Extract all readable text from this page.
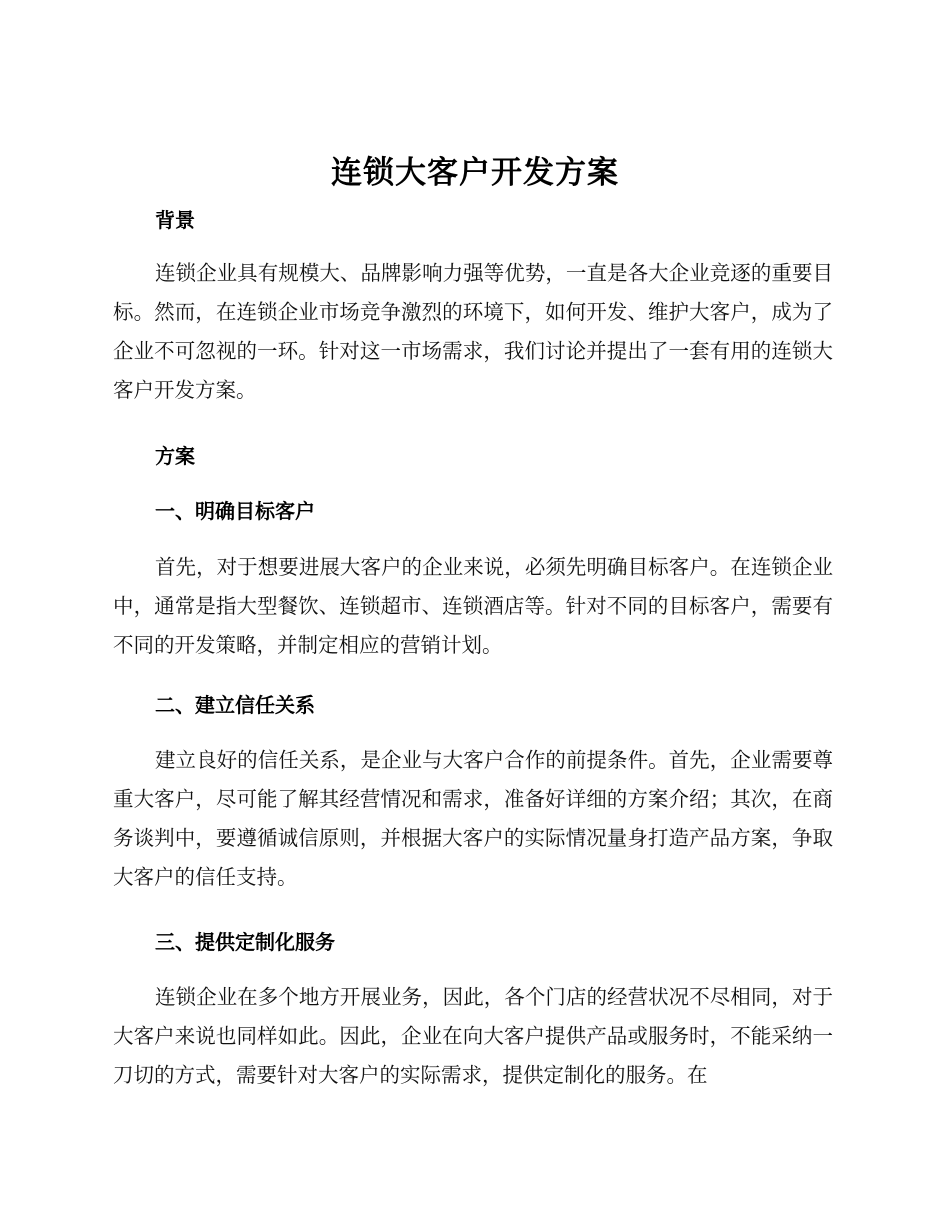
连锁大客户开发方案
背景
连锁企业具有规模大、品牌影响力强等优势，一直是各大企业竞逐的重要目标。然而，在连锁企业市场竞争激烈的环境下，如何开发、维护大客户，成为了企业不可忽视的一环。针对这一市场需求，我们讨论并提出了一套有用的连锁大客户开发方案。
方案
一、明确目标客户
首先，对于想要进展大客户的企业来说，必须先明确目标客户。在连锁企业中，通常是指大型餐饮、连锁超市、连锁酒店等。针对不同的目标客户，需要有不同的开发策略，并制定相应的营销计划。
二、建立信任关系
建立良好的信任关系，是企业与大客户合作的前提条件。首先，企业需要尊重大客户，尽可能了解其经营情况和需求，准备好详细的方案介绍；其次，在商务谈判中，要遵循诚信原则，并根据大客户的实际情况量身打造产品方案，争取大客户的信任支持。
三、提供定制化服务
连锁企业在多个地方开展业务，因此，各个门店的经营状况不尽相同，对于大客户来说也同样如此。因此，企业在向大客户提供产品或服务时，不能采纳一刀切的方式，需要针对大客户的实际需求，提供定制化的服务。在
